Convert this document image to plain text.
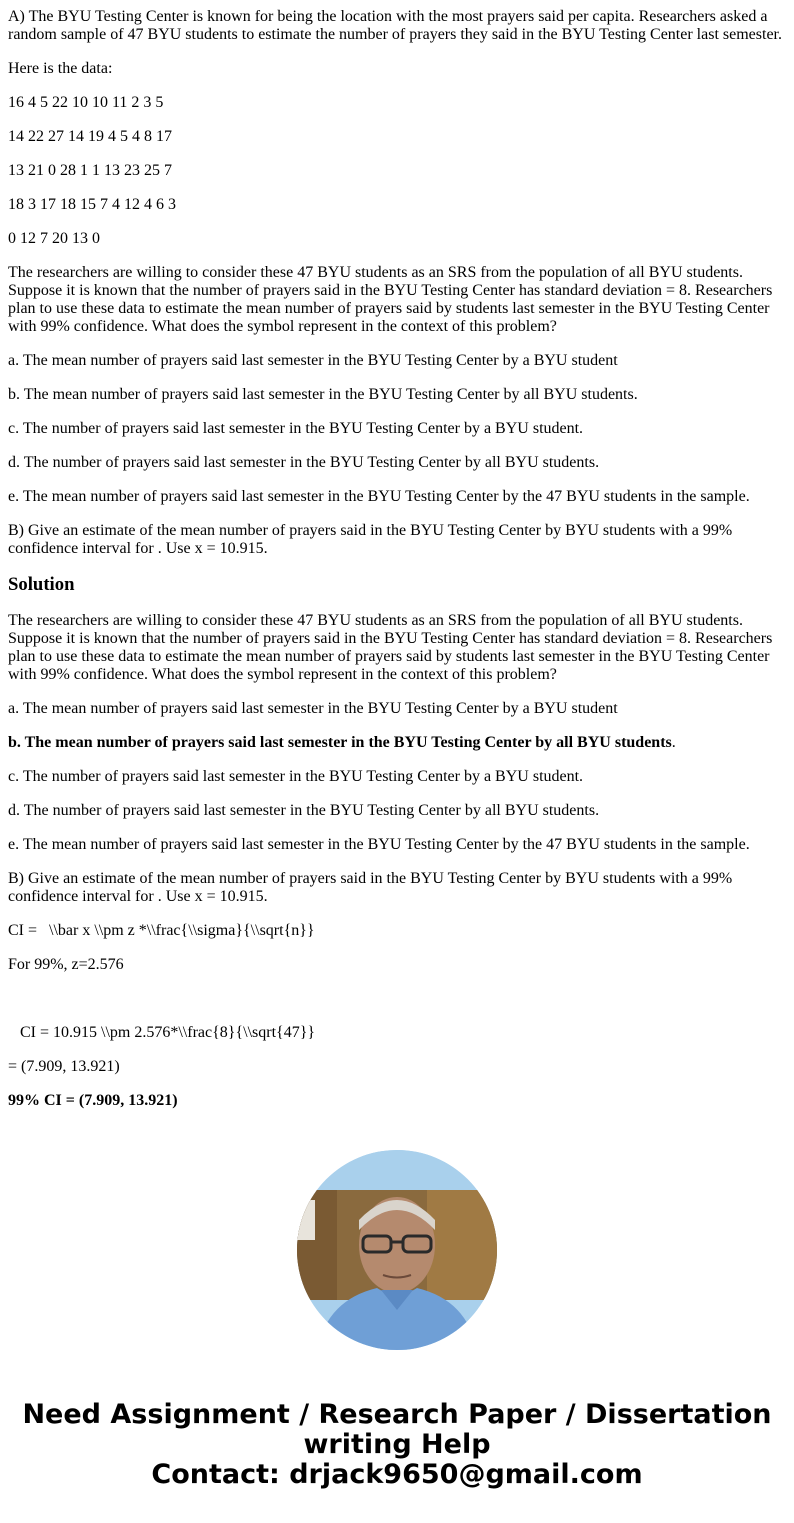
A) The BYU Testing Center is known for being the location with the most prayers said per capita. Researchers asked a random sample of 47 BYU students to estimate the number of prayers they said in the BYU Testing Center last semester.

Here is the data:

16 4 5 22 10 10 11 2 3 5

14 22 27 14 19 4 5 4 8 17

13 21 0 28 1 1 13 23 25 7

18 3 17 18 15 7 4 12 4 6 3

0 12 7 20 13 0

The researchers are willing to consider these 47 BYU students as an SRS from the population of all BYU students. Suppose it is known that the number of prayers said in the BYU Testing Center has standard deviation = 8. Researchers plan to use these data to estimate the mean number of prayers said by students last semester in the BYU Testing Center with 99% confidence. What does the symbol represent in the context of this problem?

a. The mean number of prayers said last semester in the BYU Testing Center by a BYU student

b. The mean number of prayers said last semester in the BYU Testing Center by all BYU students.

c. The number of prayers said last semester in the BYU Testing Center by a BYU student.

d. The number of prayers said last semester in the BYU Testing Center by all BYU students.

e. The mean number of prayers said last semester in the BYU Testing Center by the 47 BYU students in the sample.

B) Give an estimate of the mean number of prayers said in the BYU Testing Center by BYU students with a 99% confidence interval for . Use x = 10.915.

Solution

The researchers are willing to consider these 47 BYU students as an SRS from the population of all BYU students. Suppose it is known that the number of prayers said in the BYU Testing Center has standard deviation = 8. Researchers plan to use these data to estimate the mean number of prayers said by students last semester in the BYU Testing Center with 99% confidence. What does the symbol represent in the context of this problem?

a. The mean number of prayers said last semester in the BYU Testing Center by a BYU student

b. The mean number of prayers said last semester in the BYU Testing Center by all BYU students.

c. The number of prayers said last semester in the BYU Testing Center by a BYU student.

d. The number of prayers said last semester in the BYU Testing Center by all BYU students.

e. The mean number of prayers said last semester in the BYU Testing Center by the 47 BYU students in the sample.

B) Give an estimate of the mean number of prayers said in the BYU Testing Center by BYU students with a 99% confidence interval for . Use x = 10.915.

CI =   \\bar x \\pm z *\\frac{\\sigma}{\\sqrt{n}}

For 99%, z=2.576

CI = 10.915 \\pm 2.576*\\frac{8}{\\sqrt{47}}

= (7.909, 13.921)

99% CI = (7.909, 13.921)

Need Assignment / Research Paper / Dissertation
writing Help
Contact: drjack9650@gmail.com
